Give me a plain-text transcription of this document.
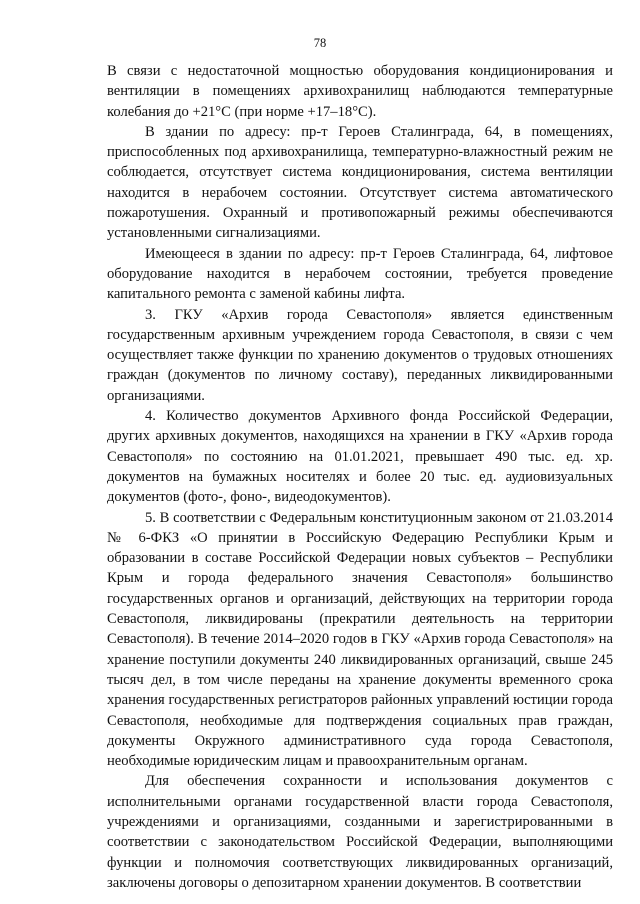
78

В связи с недостаточной мощностью оборудования кондиционирования и вентиляции в помещениях архивохранилищ наблюдаются температурные колебания до +21°С (при норме +17–18°С).

В здании по адресу: пр-т Героев Сталинграда, 64, в помещениях, приспособленных под архивохранилища, температурно-влажностный режим не соблюдается, отсутствует система кондиционирования, система вентиляции находится в нерабочем состоянии. Отсутствует система автоматического пожаротушения. Охранный и противопожарный режимы обеспечиваются установленными сигнализациями.

Имеющееся в здании по адресу: пр-т Героев Сталинграда, 64, лифтовое оборудование находится в нерабочем состоянии, требуется проведение капитального ремонта с заменой кабины лифта.

3. ГКУ «Архив города Севастополя» является единственным государственным архивным учреждением города Севастополя, в связи с чем осуществляет также функции по хранению документов о трудовых отношениях граждан (документов по личному составу), переданных ликвидированными организациями.

4. Количество документов Архивного фонда Российской Федерации, других архивных документов, находящихся на хранении в ГКУ «Архив города Севастополя» по состоянию на 01.01.2021, превышает 490 тыс. ед. хр. документов на бумажных носителях и более 20 тыс. ед. аудиовизуальных документов (фото-, фоно-, видеодокументов).

5. В соответствии с Федеральным конституционным законом от 21.03.2014 № 6-ФКЗ «О принятии в Российскую Федерацию Республики Крым и образовании в составе Российской Федерации новых субъектов – Республики Крым и города федерального значения Севастополя» большинство государственных органов и организаций, действующих на территории города Севастополя, ликвидированы (прекратили деятельность на территории Севастополя). В течение 2014–2020 годов в ГКУ «Архив города Севастополя» на хранение поступили документы 240 ликвидированных организаций, свыше 245 тысяч дел, в том числе переданы на хранение документы временного срока хранения государственных регистраторов районных управлений юстиции города Севастополя, необходимые для подтверждения социальных прав граждан, документы Окружного административного суда города Севастополя, необходимые юридическим лицам и правоохранительным органам.

Для обеспечения сохранности и использования документов с исполнительными органами государственной власти города Севастополя, учреждениями и организациями, созданными и зарегистрированными в соответствии с законодательством Российской Федерации, выполняющими функции и полномочия соответствующих ликвидированных организаций, заключены договоры о депозитарном хранении документов. В соответствии
